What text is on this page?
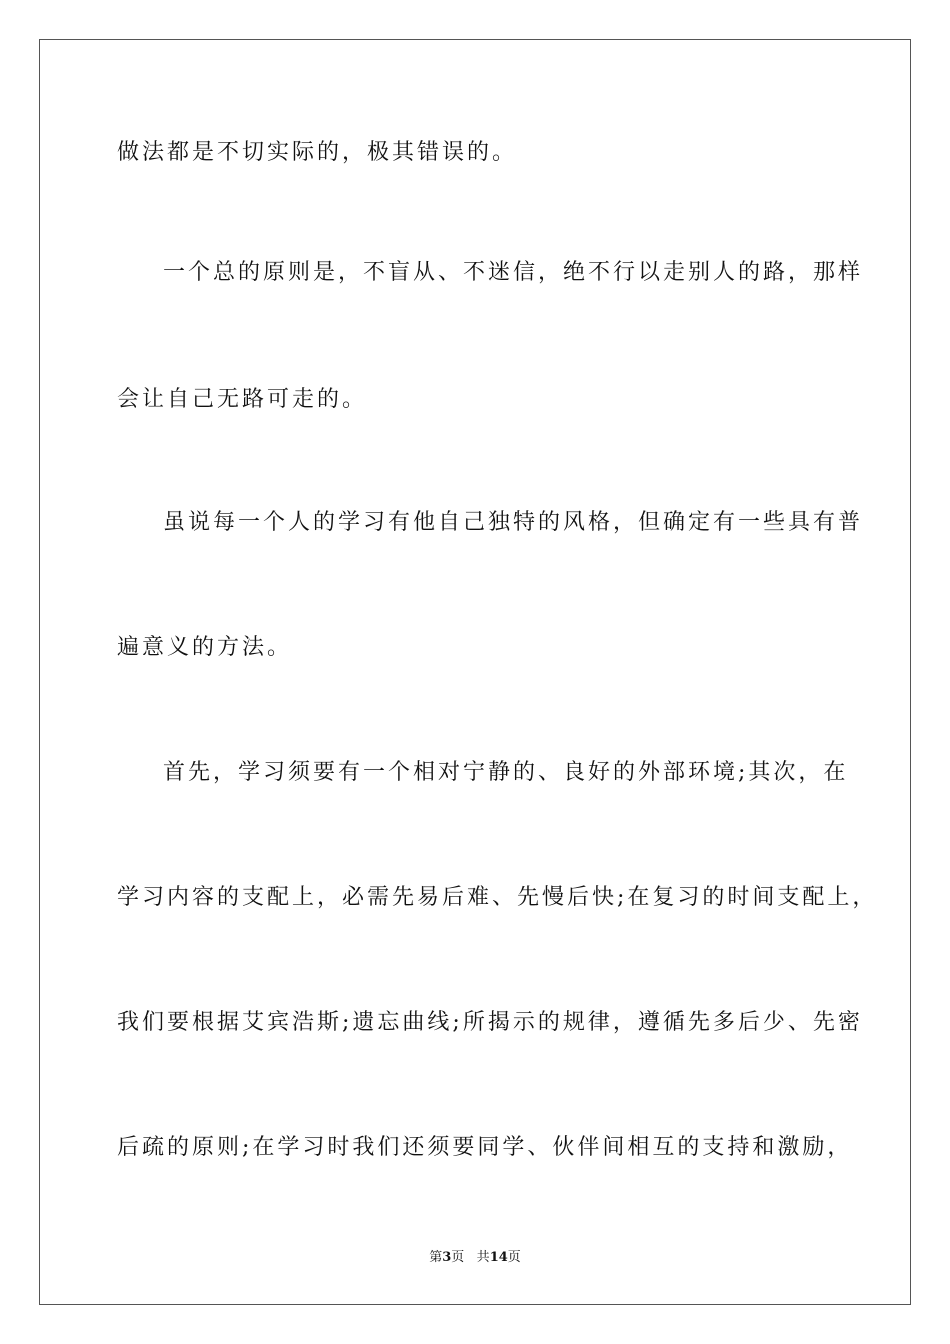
做法都是不切实际的，极其错误的。
一个总的原则是，不盲从、不迷信，绝不行以走别人的路，那样
会让自己无路可走的。
虽说每一个人的学习有他自己独特的风格，但确定有一些具有普
遍意义的方法。
首先，学习须要有一个相对宁静的、良好的外部环境;其次，在
学习内容的支配上，必需先易后难、先慢后快;在复习的时间支配上，
我们要根据艾宾浩斯;遗忘曲线;所揭示的规律，遵循先多后少、先密
后疏的原则;在学习时我们还须要同学、伙伴间相互的支持和激励，
第3页 共14页
